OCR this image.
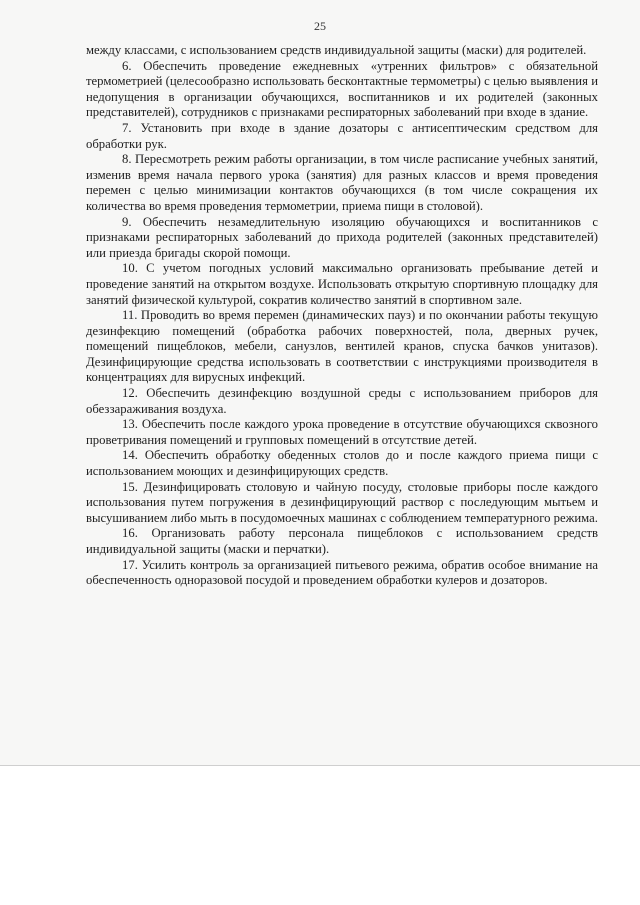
25

между классами, с использованием средств индивидуальной защиты (маски) для родителей.

6. Обеспечить проведение ежедневных «утренних фильтров» с обязательной термометрией (целесообразно использовать бесконтактные термометры) с целью выявления и недопущения в организации обучающихся, воспитанников и их родителей (законных представителей), сотрудников с признаками респираторных заболеваний при входе в здание.

7. Установить при входе в здание дозаторы с антисептическим средством для обработки рук.

8. Пересмотреть режим работы организации, в том числе расписание учебных занятий, изменив время начала первого урока (занятия) для разных классов и время проведения перемен с целью минимизации контактов обучающихся (в том числе сокращения их количества во время проведения термометрии, приема пищи в столовой).

9. Обеспечить незамедлительную изоляцию обучающихся и воспитанников с признаками респираторных заболеваний до прихода родителей (законных представителей) или приезда бригады скорой помощи.

10. С учетом погодных условий максимально организовать пребывание детей и проведение занятий на открытом воздухе. Использовать открытую спортивную площадку для занятий физической культурой, сократив количество занятий в спортивном зале.

11. Проводить во время перемен (динамических пауз) и по окончании работы текущую дезинфекцию помещений (обработка рабочих поверхностей, пола, дверных ручек, помещений пищеблоков, мебели, санузлов, вентилей кранов, спуска бачков унитазов). Дезинфицирующие средства использовать в соответствии с инструкциями производителя в концентрациях для вирусных инфекций.

12. Обеспечить дезинфекцию воздушной среды с использованием приборов для обеззараживания воздуха.

13. Обеспечить после каждого урока проведение в отсутствие обучающихся сквозного проветривания помещений и групповых помещений в отсутствие детей.

14. Обеспечить обработку обеденных столов до и после каждого приема пищи с использованием моющих и дезинфицирующих средств.

15. Дезинфицировать столовую и чайную посуду, столовые приборы после каждого использования путем погружения в дезинфицирующий раствор с последующим мытьем и высушиванием либо мыть в посудомоечных машинах с соблюдением температурного режима.

16. Организовать работу персонала пищеблоков с использованием средств индивидуальной защиты (маски и перчатки).

17. Усилить контроль за организацией питьевого режима, обратив особое внимание на обеспеченность одноразовой посудой и проведением обработки кулеров и дозаторов.
